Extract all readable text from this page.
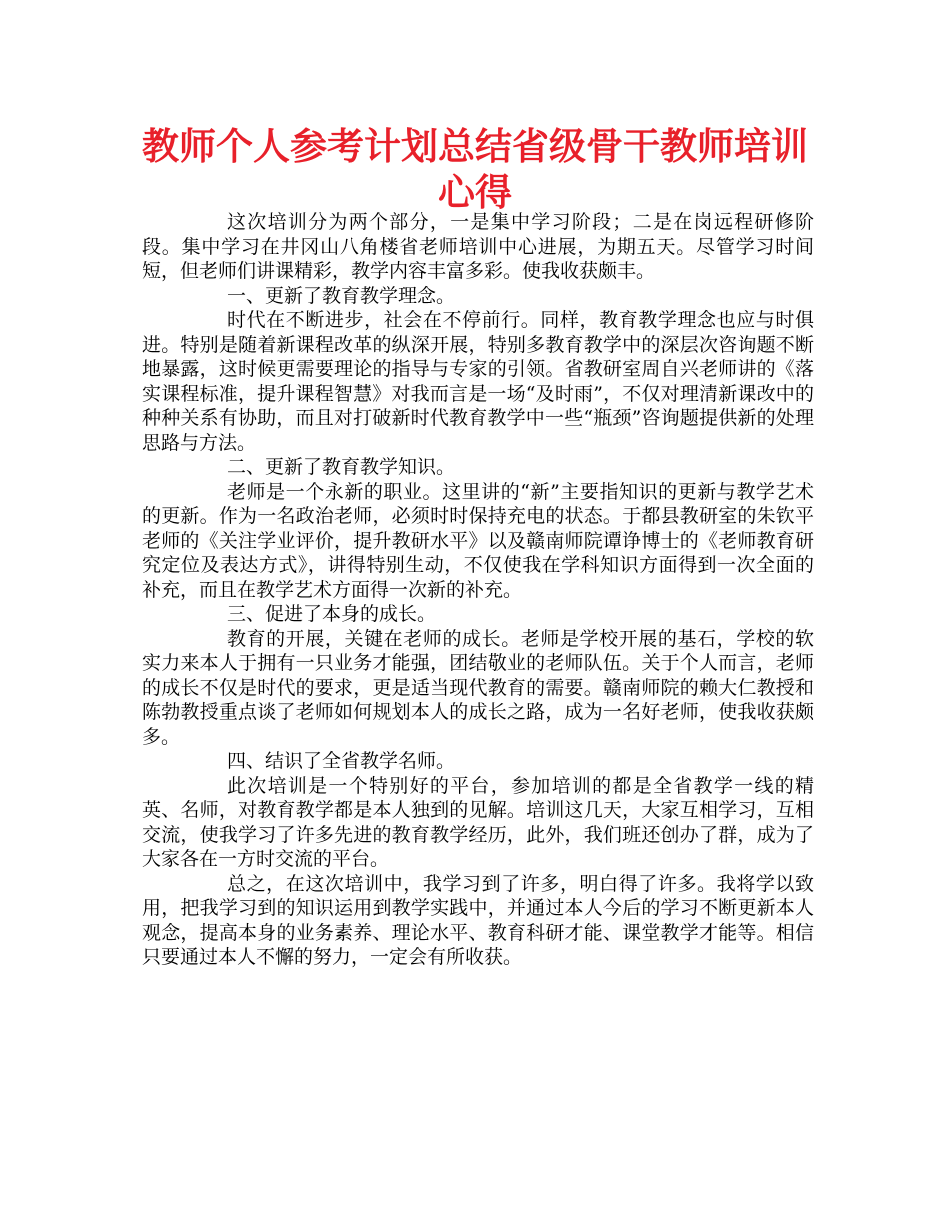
教师个人参考计划总结省级骨干教师培训
心得

这次培训分为两个部分，一是集中学习阶段；二是在岗远程研修阶段。集中学习在井冈山八角楼省老师培训中心进展，为期五天。尽管学习时间短，但老师们讲课精彩，教学内容丰富多彩。使我收获颇丰。

一、更新了教育教学理念。

时代在不断进步，社会在不停前行。同样，教育教学理念也应与时俱进。特别是随着新课程改革的纵深开展，特别多教育教学中的深层次咨询题不断地暴露，这时候更需要理论的指导与专家的引领。省教研室周自兴老师讲的《落实课程标准，提升课程智慧》对我而言是一场“及时雨”，不仅对理清新课改中的种种关系有协助，而且对打破新时代教育教学中一些“瓶颈”咨询题提供新的处理思路与方法。

二、更新了教育教学知识。

老师是一个永新的职业。这里讲的“新”主要指知识的更新与教学艺术的更新。作为一名政治老师，必须时时保持充电的状态。于都县教研室的朱钦平老师的《关注学业评价，提升教研水平》以及赣南师院谭诤博士的《老师教育研究定位及表达方式》，讲得特别生动，不仅使我在学科知识方面得到一次全面的补充，而且在教学艺术方面得一次新的补充。

三、促进了本身的成长。

教育的开展，关键在老师的成长。老师是学校开展的基石，学校的软实力来本人于拥有一只业务才能强，团结敬业的老师队伍。关于个人而言，老师的成长不仅是时代的要求，更是适当现代教育的需要。赣南师院的赖大仁教授和陈勃教授重点谈了老师如何规划本人的成长之路，成为一名好老师，使我收获颇多。

四、结识了全省教学名师。

此次培训是一个特别好的平台，参加培训的都是全省教学一线的精英、名师，对教育教学都是本人独到的见解。培训这几天，大家互相学习，互相交流，使我学习了许多先进的教育教学经历，此外，我们班还创办了群，成为了大家各在一方时交流的平台。

总之，在这次培训中，我学习到了许多，明白得了许多。我将学以致用，把我学习到的知识运用到教学实践中，并通过本人今后的学习不断更新本人观念，提高本身的业务素养、理论水平、教育科研才能、课堂教学才能等。相信只要通过本人不懈的努力，一定会有所收获。
